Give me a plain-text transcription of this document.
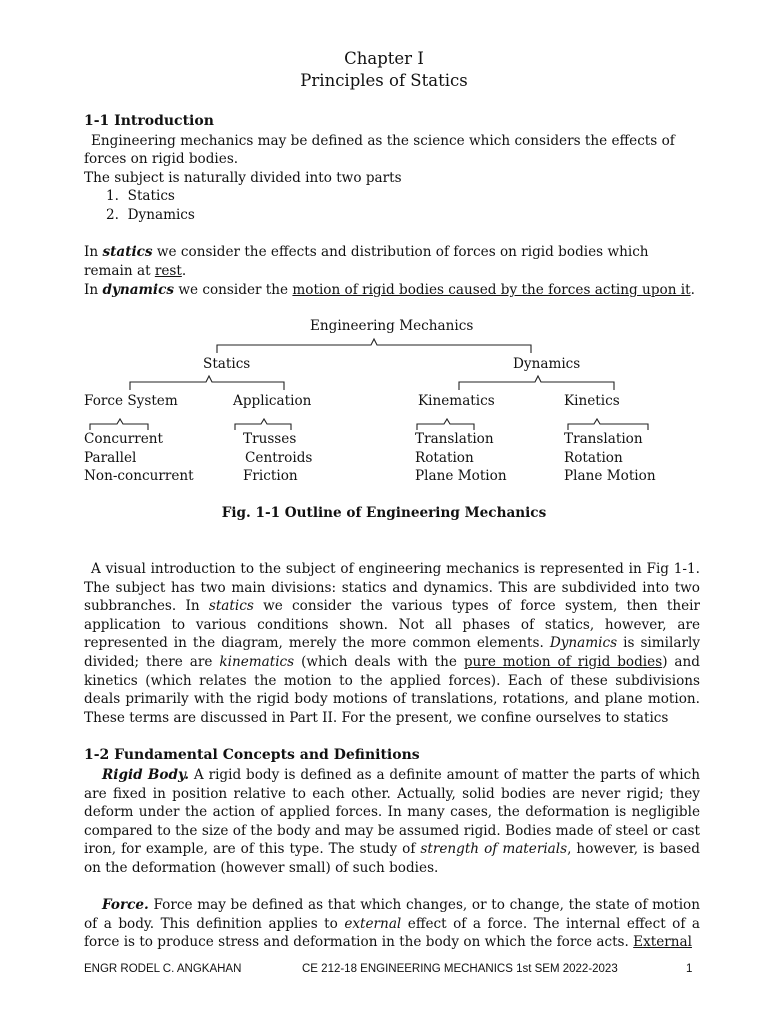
Chapter I
Principles of Statics
1-1 Introduction
Engineering mechanics may be defined as the science which considers the effects of
forces on rigid bodies.
The subject is naturally divided into two parts
1.  Statics
2.  Dynamics
In statics we consider the effects and distribution of forces on rigid bodies which
remain at rest.
In dynamics we consider the motion of rigid bodies caused by the forces acting upon it.
Engineering Mechanics
Statics	Dynamics
Force System	Application	Kinematics	Kinetics
Concurrent
Parallel
Non-concurrent
Trusses
Centroids
Friction
Translation
Rotation
Plane Motion
Translation
Rotation
Plane Motion
Fig. 1-1 Outline of Engineering Mechanics
A visual introduction to the subject of engineering mechanics is represented in Fig 1-1. The subject has two main divisions: statics and dynamics. This are subdivided into two subbranches. In statics we consider the various types of force system, then their application to various conditions shown. Not all phases of statics, however, are represented in the diagram, merely the more common elements. Dynamics is similarly divided; there are kinematics (which deals with the pure motion of rigid bodies) and kinetics (which relates the motion to the applied forces). Each of these subdivisions deals primarily with the rigid body motions of translations, rotations, and plane motion. These terms are discussed in Part II. For the present, we confine ourselves to statics
1-2 Fundamental Concepts and Definitions
Rigid Body. A rigid body is defined as a definite amount of matter the parts of which are fixed in position relative to each other. Actually, solid bodies are never rigid; they deform under the action of applied forces. In many cases, the deformation is negligible compared to the size of the body and may be assumed rigid. Bodies made of steel or cast iron, for example, are of this type. The study of strength of materials, however, is based on the deformation (however small) of such bodies.
Force. Force may be defined as that which changes, or to change, the state of motion of a body. This definition applies to external effect of a force. The internal effect of a force is to produce stress and deformation in the body on which the force acts. External
ENGR RODEL C. ANGKAHAN	CE 212-18 ENGINEERING MECHANICS 1st SEM 2022-2023	1
